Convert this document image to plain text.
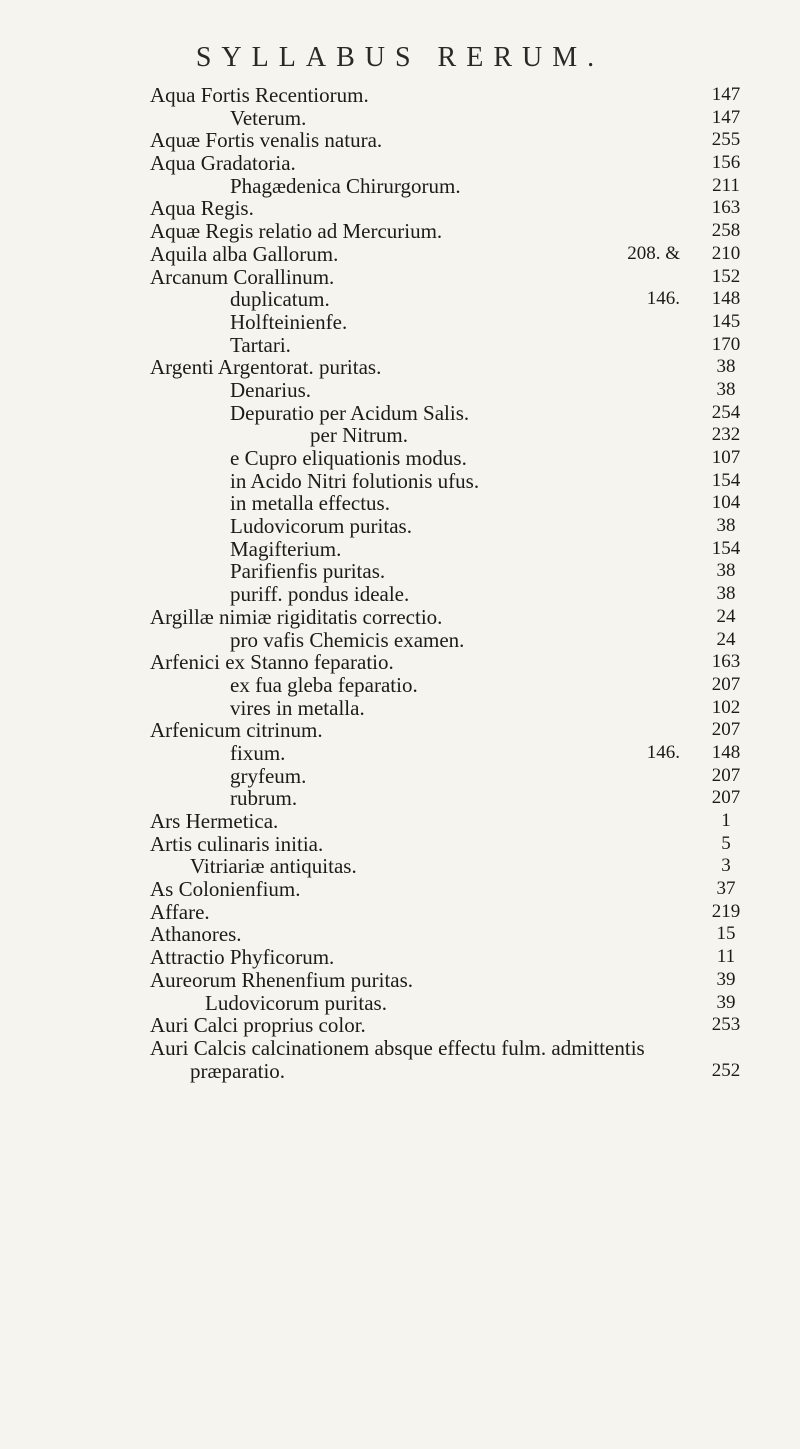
SYLLABUS RERUM.
Aqua Fortis Recentiorum.	147
Veterum.	147
Aquæ Fortis venalis natura.	255
Aqua Gradatoria.	156
Phagædenica Chirurgorum.	211
Aqua Regis.	163
Aquæ Regis relatio ad Mercurium.	258
Aquila alba Gallorum.	208. &	210
Arcanum Corallinum.	152
duplicatum.	146.	148
Holfteinienfe.	145
Tartari.	170
Argenti Argentorat. puritas.	38
Denarius.	38
Depuratio per Acidum Salis.	254
per Nitrum.	232
e Cupro eliquationis modus.	107
in Acido Nitri folutionis ufus.	154
in metalla effectus.	104
Ludovicorum puritas.	38
Magifterium.	154
Parifienfis puritas.	38
puriff. pondus ideale.	38
Argillæ nimiæ rigiditatis correctio.	24
pro vafis Chemicis examen.	24
Arfenici ex Stanno feparatio.	163
ex fua gleba feparatio.	207
vires in metalla.	102
Arfenicum citrinum.	207
fixum.	146.	148
gryfeum.	207
rubrum.	207
Ars Hermetica.	1
Artis culinaris initia.	5
Vitriariæ antiquitas.	3
As Colonienfium.	37
Affare.	219
Athanores.	15
Attractio Phyficorum.	11
Aureorum Rhenenfium puritas.	39
Ludovicorum puritas.	39
Auri Calci proprius color.	253
Auri Calcis calcinationem absque effectu fulm. admittentis
præparatio.	252
